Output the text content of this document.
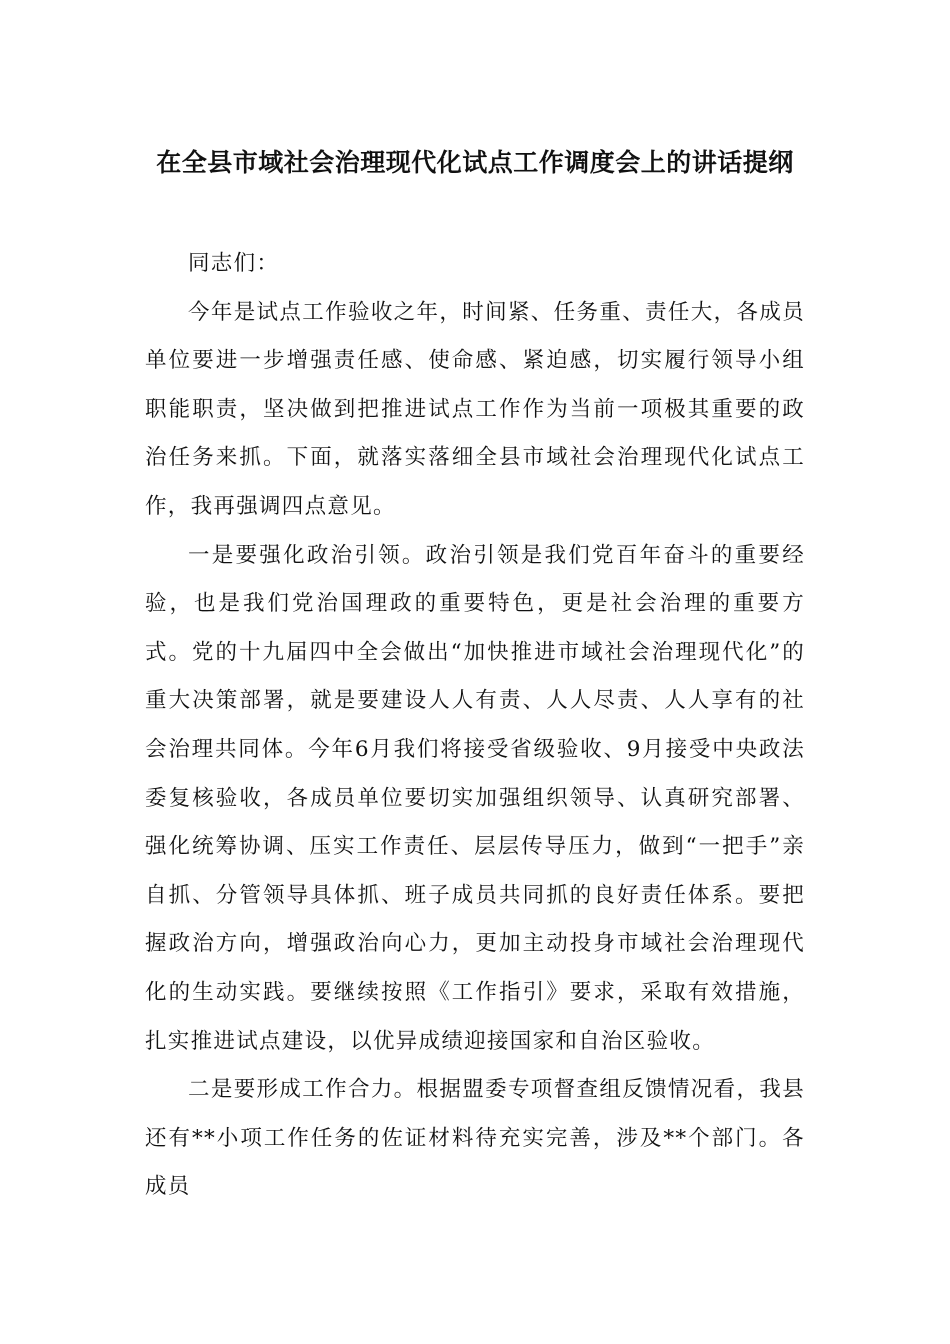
在全县市域社会治理现代化试点工作调度会上的讲话提纲

同志们：

今年是试点工作验收之年，时间紧、任务重、责任大，各成员单位要进一步增强责任感、使命感、紧迫感，切实履行领导小组职能职责，坚决做到把推进试点工作作为当前一项极其重要的政治任务来抓。下面，就落实落细全县市域社会治理现代化试点工作，我再强调四点意见。

一是要强化政治引领。政治引领是我们党百年奋斗的重要经验，也是我们党治国理政的重要特色，更是社会治理的重要方式。党的十九届四中全会做出“加快推进市域社会治理现代化”的重大决策部署，就是要建设人人有责、人人尽责、人人享有的社会治理共同体。今年6月我们将接受省级验收、9月接受中央政法委复核验收，各成员单位要切实加强组织领导、认真研究部署、强化统筹协调、压实工作责任、层层传导压力，做到“一把手”亲自抓、分管领导具体抓、班子成员共同抓的良好责任体系。要把握政治方向，增强政治向心力，更加主动投身市域社会治理现代化的生动实践。要继续按照《工作指引》要求，采取有效措施，扎实推进试点建设，以优异成绩迎接国家和自治区验收。

二是要形成工作合力。根据盟委专项督查组反馈情况看，我县还有**小项工作任务的佐证材料待充实完善，涉及**个部门。各成员
